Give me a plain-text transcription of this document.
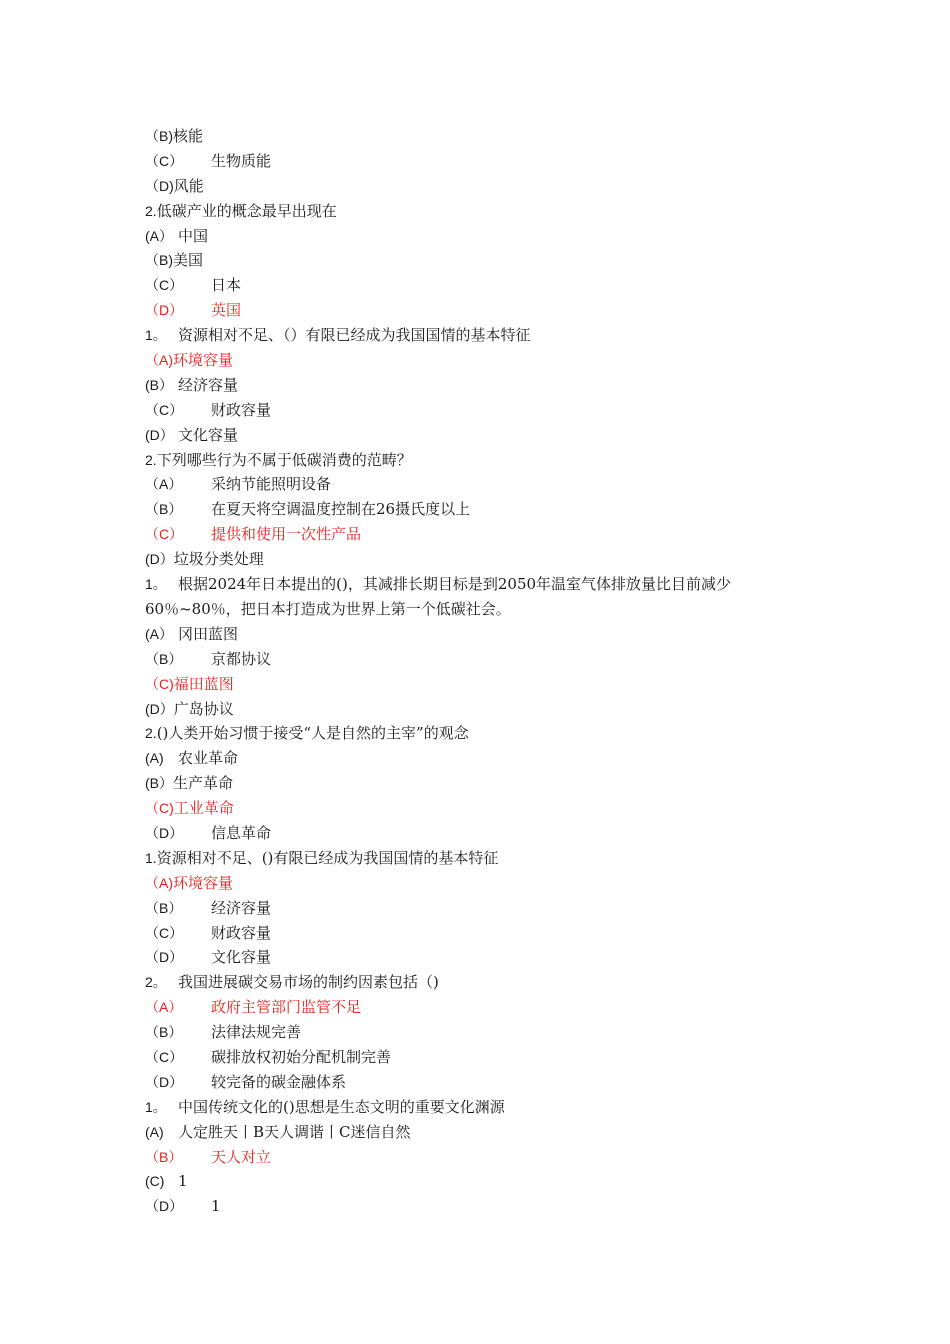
（B)核能
（C） 生物质能
（D)风能
2.低碳产业的概念最早出现在
(A） 中国
（B)美国
（C） 日本
（D） 英国
1。 资源相对不足、（）有限已经成为我国国情的基本特征
（A)环境容量
(B） 经济容量
（C） 财政容量
(D） 文化容量
2.下列哪些行为不属于低碳消费的范畴？
（A） 采纳节能照明设备
（B） 在夏天将空调温度控制在26摄氏度以上
（C） 提供和使用一次性产品
(D）垃圾分类处理
1。 根据2024年日本提出的()，其减排长期目标是到2050年温室气体排放量比目前减少60％~80％，把日本打造成为世界上第一个低碳社会。
(A） 冈田蓝图
（B） 京都协议
（C)福田蓝图
(D）广岛协议
2.()人类开始习惯于接受“人是自然的主宰”的观念
(A) 农业革命
(B）生产革命
（C)工业革命
（D） 信息革命
1.资源相对不足、()有限已经成为我国国情的基本特征
（A)环境容量
（B） 经济容量
（C） 财政容量
（D） 文化容量
2。 我国进展碳交易市场的制约因素包括（)
（A） 政府主管部门监管不足
（B） 法律法规完善
（C） 碳排放权初始分配机制完善
（D） 较完备的碳金融体系
1。 中国传统文化的()思想是生态文明的重要文化渊源
(A) 人定胜天丨B天人调谐丨C迷信自然
（B） 天人对立
(C) 1
（D） 1
